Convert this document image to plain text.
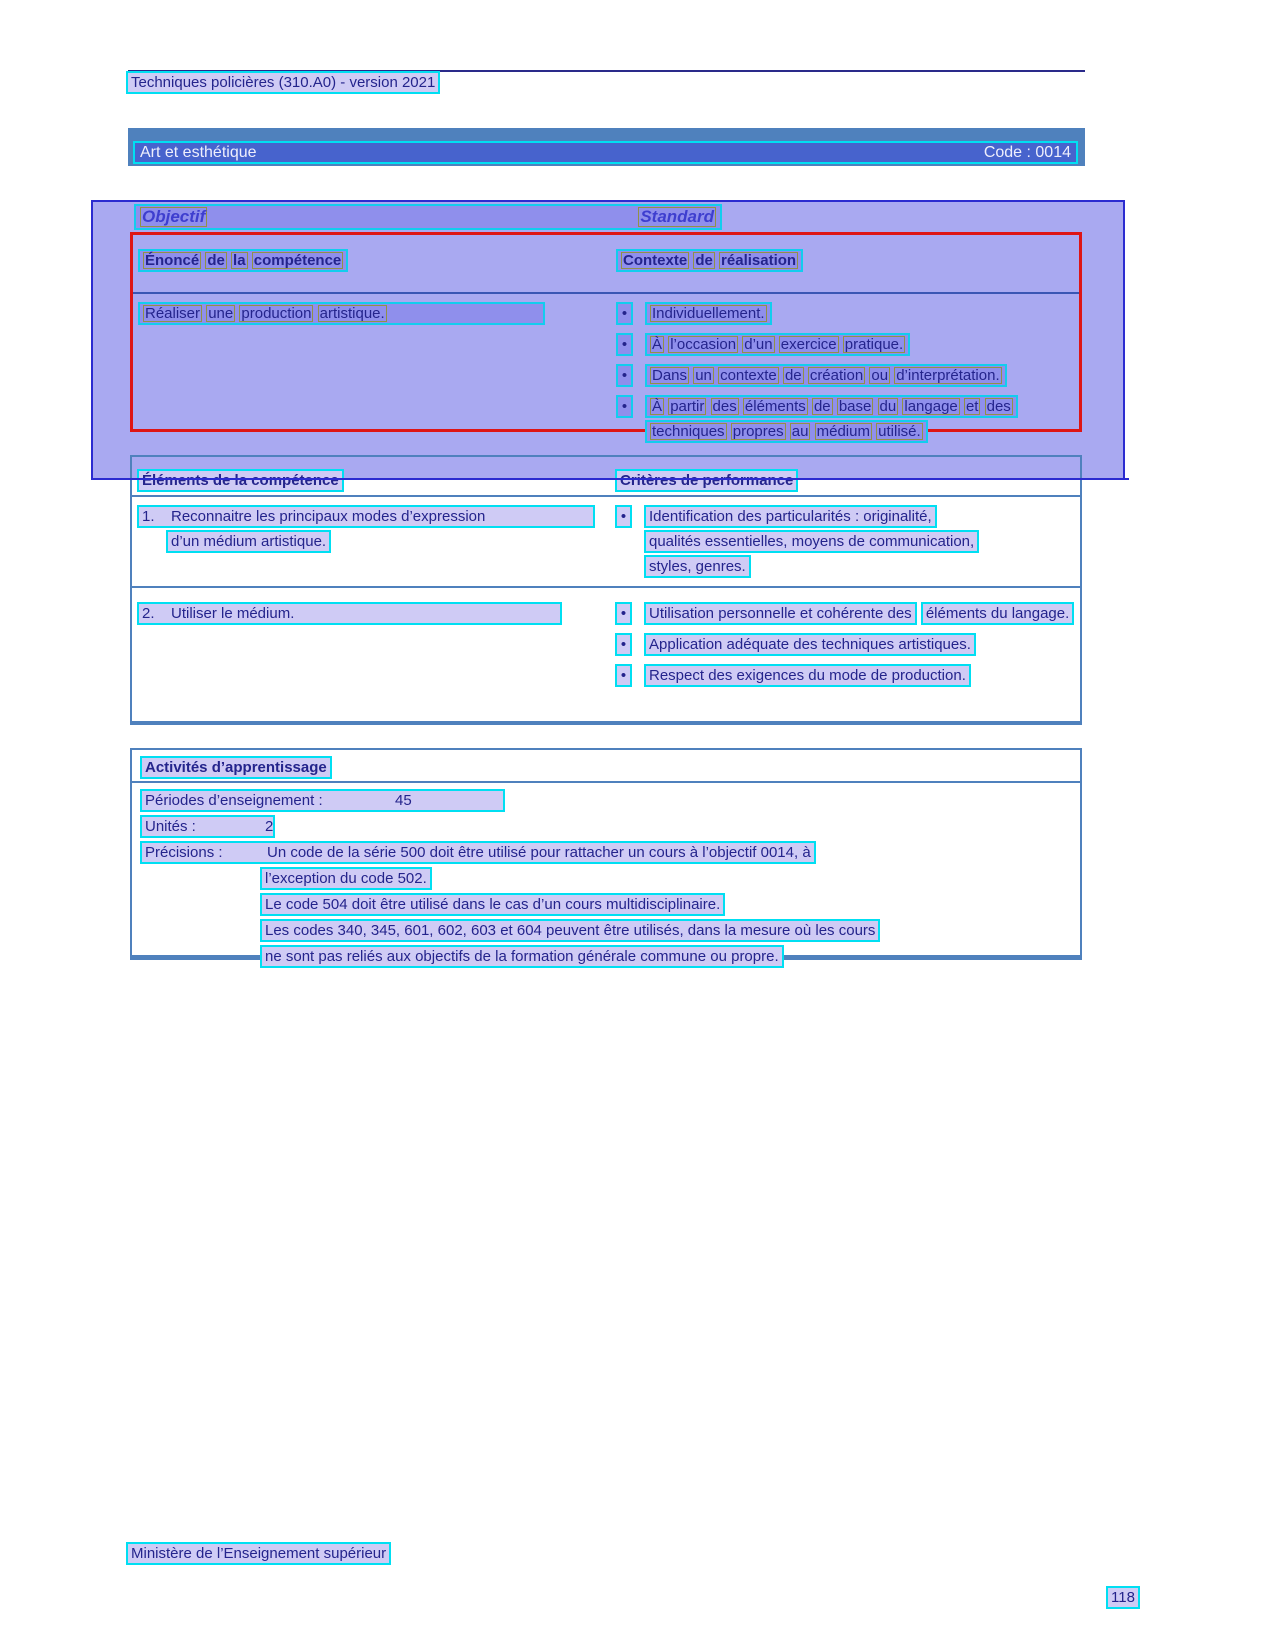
Techniques policières (310.A0) - version 2021
Art et esthétique	Code : 0014
Objectif	Standard
Énoncé de la compétence	Contexte de réalisation
Réaliser une production artistique.	•	Individuellement.
•	À l’occasion d’un exercice pratique.
•	Dans un contexte de création ou d’interprétation.
•	À partir des éléments de base du langage et des techniques propres au médium utilisé.
Éléments de la compétence	Critères de performance
1. Reconnaitre les principaux modes d’expression d’un médium artistique.
•	Identification des particularités : originalité, qualités essentielles, moyens de communication, styles, genres.
2. Utiliser le médium.	•	Utilisation personnelle et cohérente des éléments du langage.
•	Application adéquate des techniques artistiques.
•	Respect des exigences du mode de production.
Activités d’apprentissage
Périodes d’enseignement :	45
Unités :	2
Précisions :	Un code de la série 500 doit être utilisé pour rattacher un cours à l’objectif 0014, à
l’exception du code 502.
Le code 504 doit être utilisé dans le cas d’un cours multidisciplinaire.
Les codes 340, 345, 601, 602, 603 et 604 peuvent être utilisés, dans la mesure où les cours
ne sont pas reliés aux objectifs de la formation générale commune ou propre.
Ministère de l’Enseignement supérieur
118
